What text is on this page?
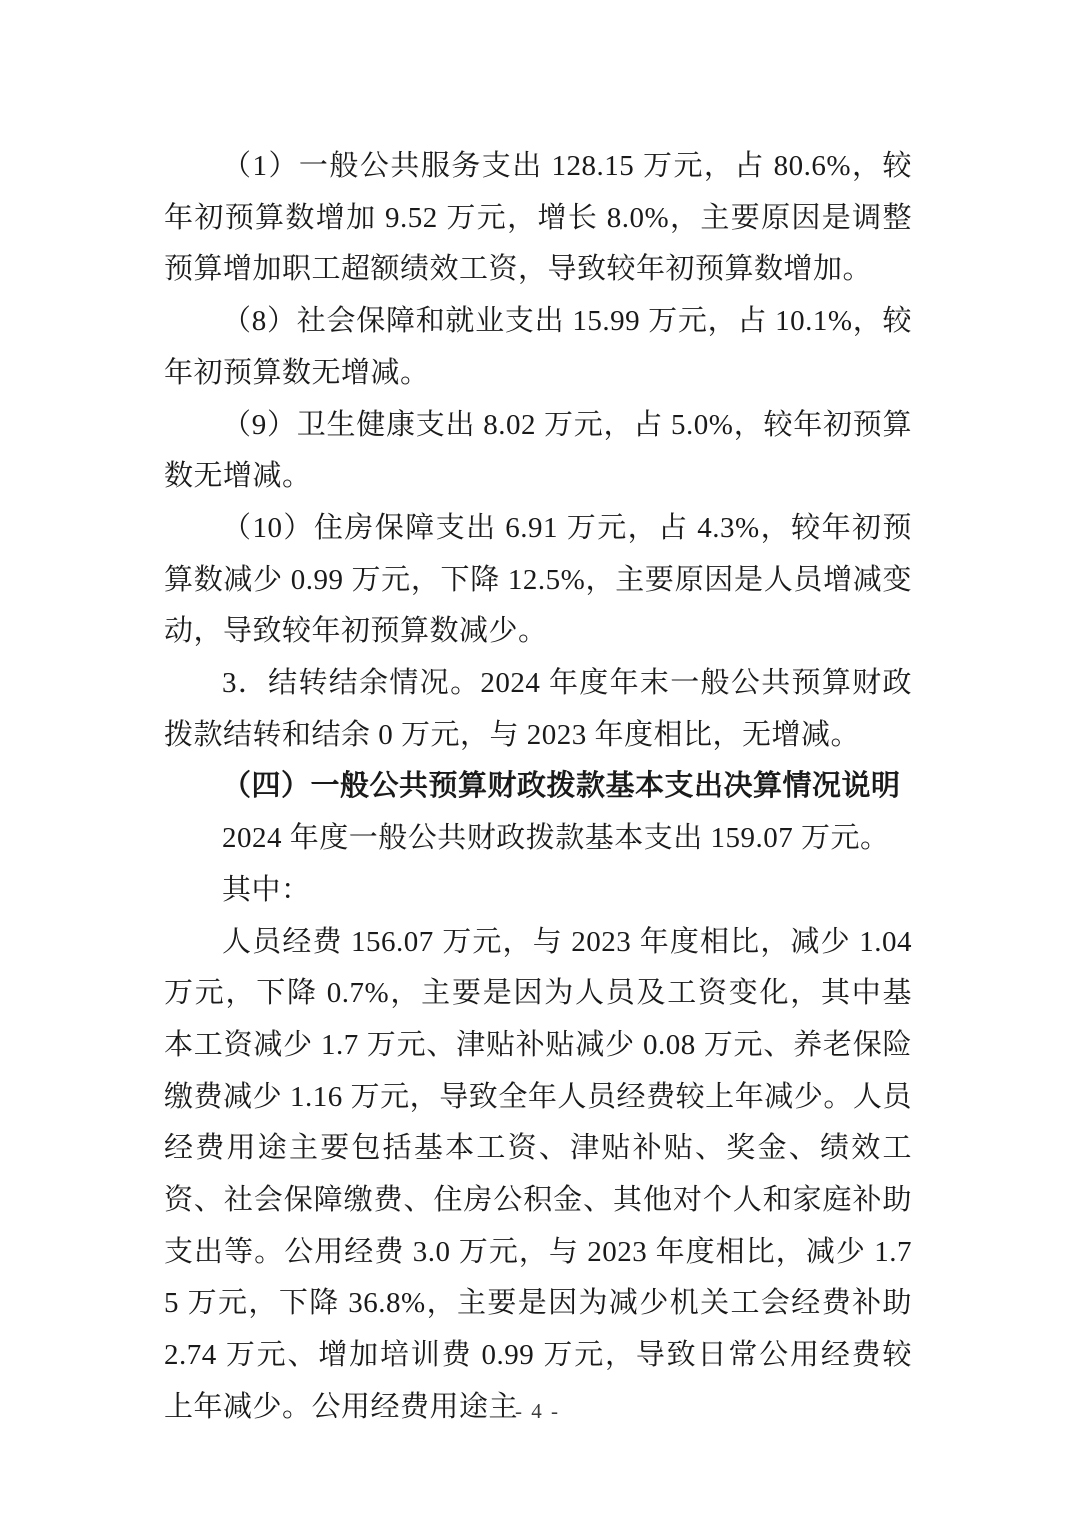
（1）一般公共服务支出 128.15 万元，占 80.6%，较年初预算数增加 9.52 万元，增长 8.0%，主要原因是调整预算增加职工超额绩效工资，导致较年初预算数增加。

（8）社会保障和就业支出 15.99 万元，占 10.1%，较年初预算数无增减。

（9）卫生健康支出 8.02 万元，占 5.0%，较年初预算数无增减。

（10）住房保障支出 6.91 万元，占 4.3%，较年初预算数减少 0.99 万元，下降 12.5%，主要原因是人员增减变动，导致较年初预算数减少。

3．结转结余情况。2024 年度年末一般公共预算财政拨款结转和结余 0 万元，与 2023 年度相比，无增减。

（四）一般公共预算财政拨款基本支出决算情况说明

2024 年度一般公共财政拨款基本支出 159.07 万元。

其中：

人员经费 156.07 万元，与 2023 年度相比，减少 1.04 万元，下降 0.7%，主要是因为人员及工资变化，其中基本工资减少 1.7 万元、津贴补贴减少 0.08 万元、养老保险缴费减少 1.16 万元，导致全年人员经费较上年减少。人员经费用途主要包括基本工资、津贴补贴、奖金、绩效工资、社会保障缴费、住房公积金、其他对个人和家庭补助支出等。公用经费 3.0 万元，与 2023 年度相比，减少 1.75 万元，下降 36.8%，主要是因为减少机关工会经费补助 2.74 万元、增加培训费 0.99 万元，导致日常公用经费较上年减少。公用经费用途主

- 4 -
